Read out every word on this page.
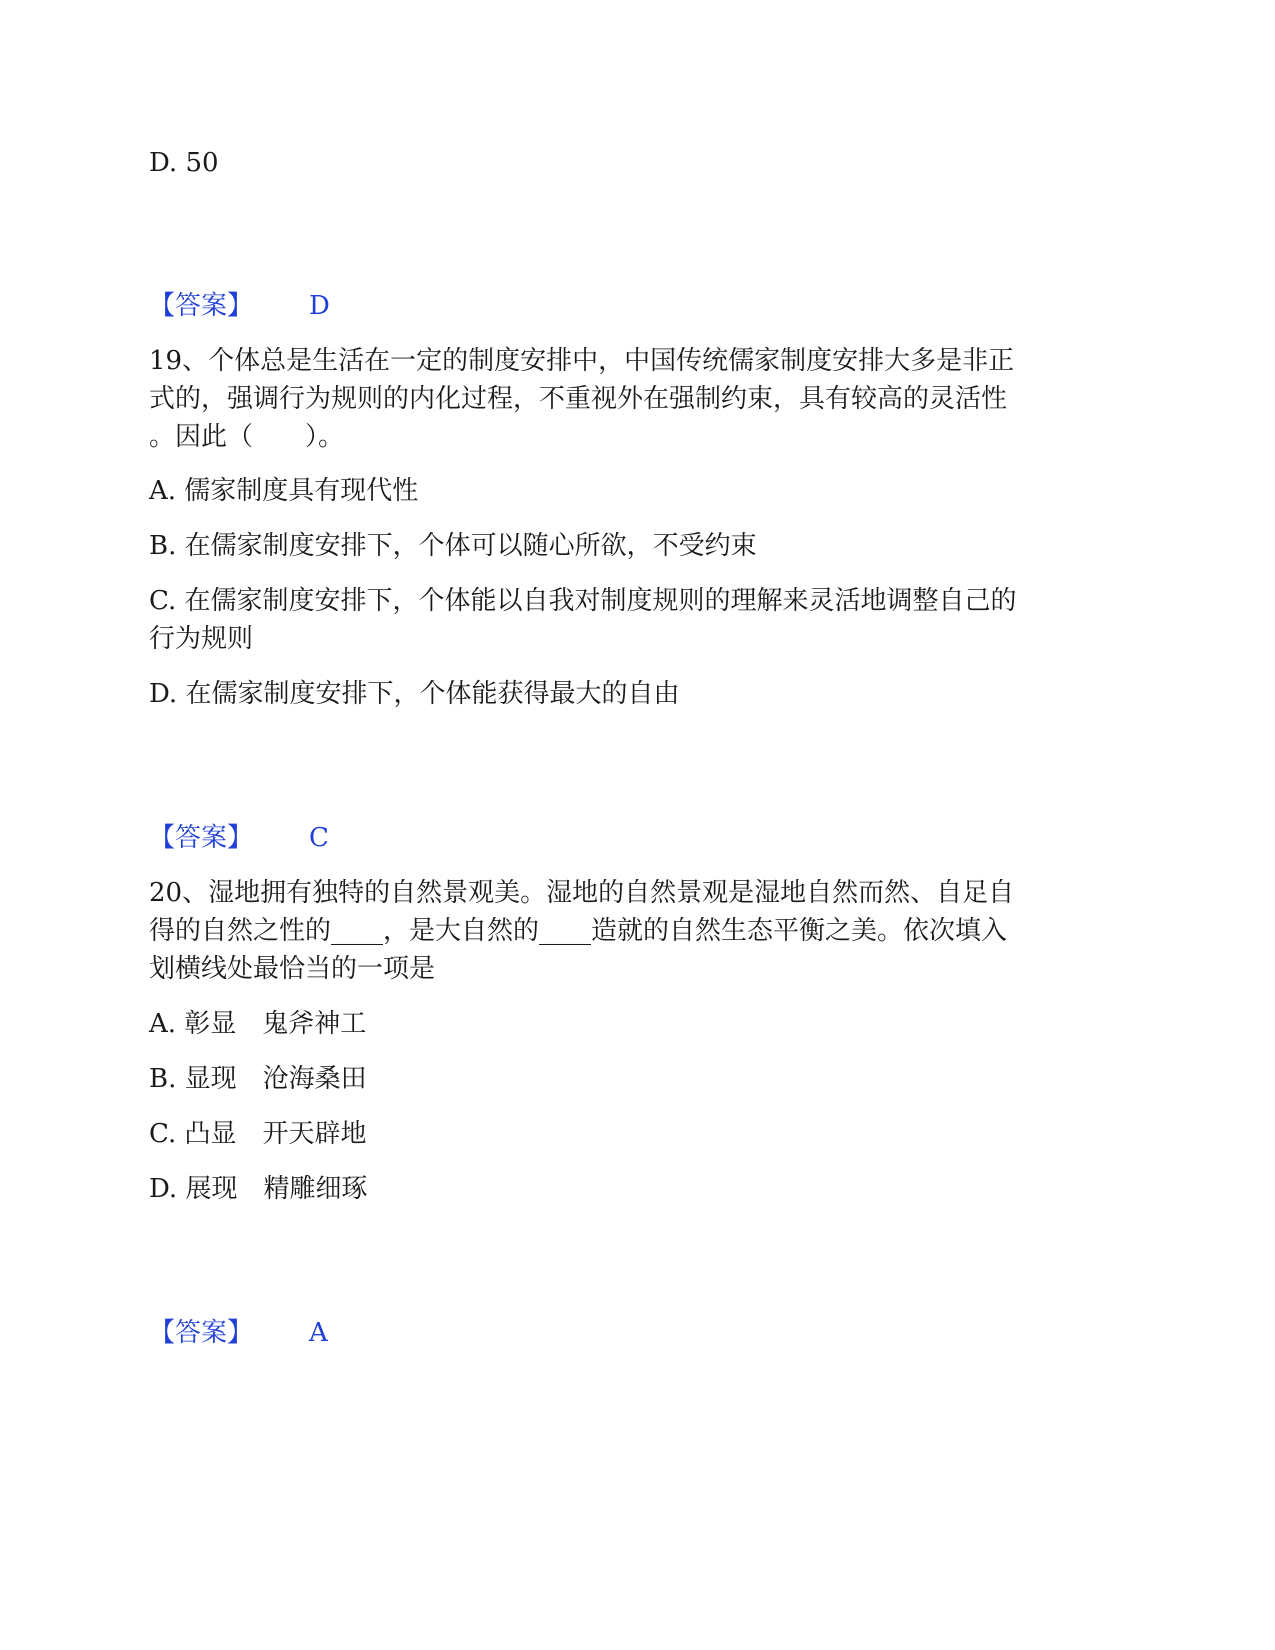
D. 50
【答案】 D
19、个体总是生活在一定的制度安排中，中国传统儒家制度安排大多是非正
式的，强调行为规则的内化过程，不重视外在强制约束，具有较高的灵活性
。因此（　　）。
A. 儒家制度具有现代性
B. 在儒家制度安排下，个体可以随心所欲，不受约束
C. 在儒家制度安排下，个体能以自我对制度规则的理解来灵活地调整自己的
行为规则
D. 在儒家制度安排下，个体能获得最大的自由
【答案】 C
20、湿地拥有独特的自然景观美。湿地的自然景观是湿地自然而然、自足自
得的自然之性的____，是大自然的____造就的自然生态平衡之美。依次填入
划横线处最恰当的一项是
A. 彰显　鬼斧神工
B. 显现　沧海桑田
C. 凸显　开天辟地
D. 展现　精雕细琢
【答案】 A
